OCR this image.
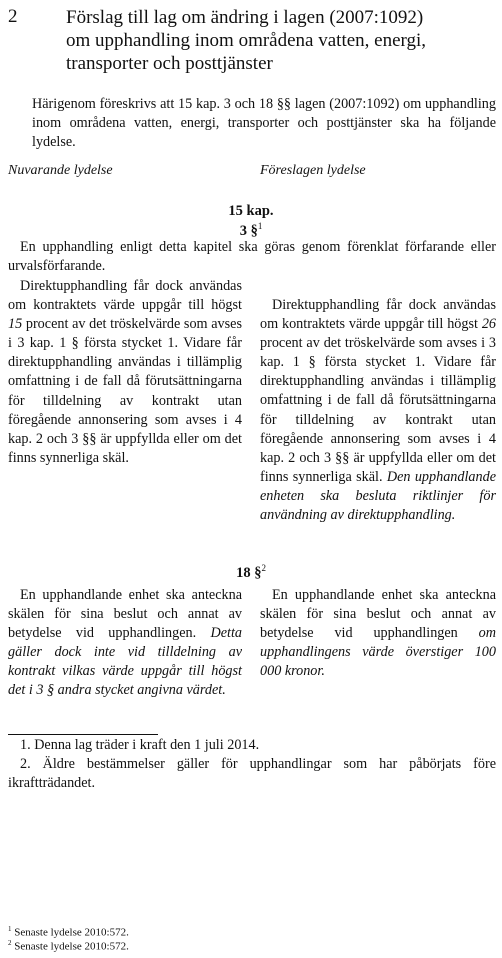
2	Förslag till lag om ändring i lagen (2007:1092)
om upphandling inom områdena vatten, energi,
transporter och posttjänster
Härigenom föreskrivs att 15 kap. 3 och 18 §§ lagen (2007:1092) om upphandling inom områdena vatten, energi, transporter och posttjänster ska ha följande lydelse.
Nuvarande lydelse	Föreslagen lydelse
15 kap.
3 §$^1$
En upphandling enligt detta kapitel ska göras genom förenklat förfarande eller urvalsförfarande.
Direktupphandling får dock användas om kontraktets värde uppgår till högst 15 procent av det tröskelvärde som avses i 3 kap. 1 § första stycket 1. Vidare får direktupphandling användas i tillämplig omfattning i de fall då förutsättningarna för tilldelning av kontrakt utan föregående annonsering som avses i 4 kap. 2 och 3 §§ är uppfyllda eller om det finns synnerliga skäl.
Direktupphandling får dock användas om kontraktets värde uppgår till högst 26 procent av det tröskelvärde som avses i 3 kap. 1 § första stycket 1. Vidare får direktupphandling användas i tillämplig omfattning i de fall då förutsättningarna för tilldelning av kontrakt utan föregående annonsering som avses i 4 kap. 2 och 3 §§ är uppfyllda eller om det finns synnerliga skäl. Den upphandlande enheten ska besluta riktlinjer för användning av direktupphandling.
18 §$^2$
En upphandlande enhet ska anteckna skälen för sina beslut och annat av betydelse vid upphandlingen. Detta gäller dock inte vid tilldelning av kontrakt vilkas värde uppgår till högst det i 3 § andra stycket angivna värdet.
En upphandlande enhet ska anteckna skälen för sina beslut och annat av betydelse vid upphandlingen om upphandlingens värde överstiger 100 000 kronor.
1. Denna lag träder i kraft den 1 juli 2014.
2. Äldre bestämmelser gäller för upphandlingar som har påbörjats före ikraftträdandet.
$^1$ Senaste lydelse 2010:572.
$^2$ Senaste lydelse 2010:572.
